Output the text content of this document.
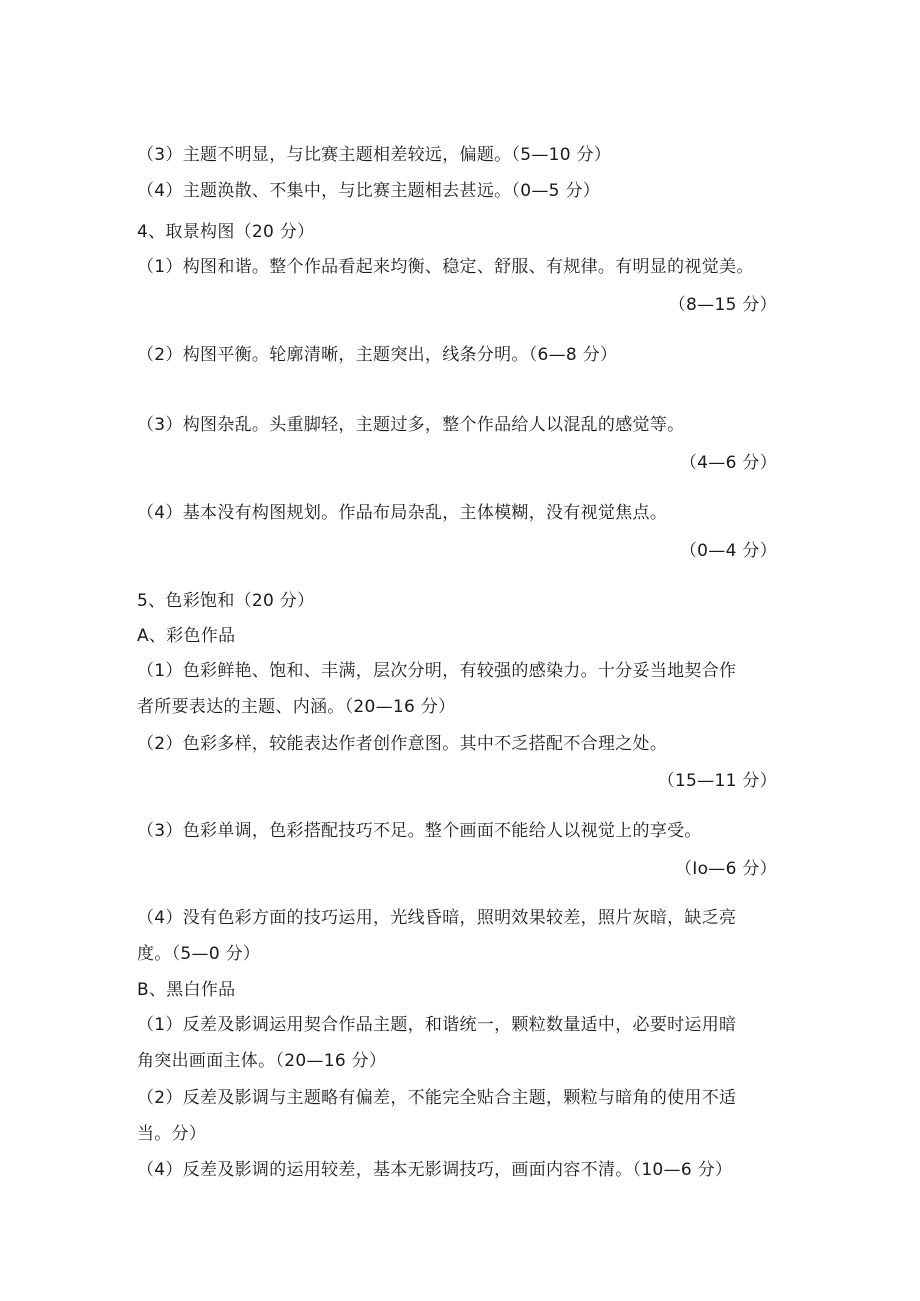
（3）主题不明显，与比赛主题相差较远，偏题。（5—10 分）
（4）主题涣散、不集中，与比赛主题相去甚远。（0—5 分）
4、取景构图（20 分）
（1）构图和谐。整个作品看起来均衡、稳定、舒服、有规律。有明显的视觉美。
（8—15 分）
（2）构图平衡。轮廓清晰，主题突出，线条分明。（6—8 分）
（3）构图杂乱。头重脚轻，主题过多，整个作品给人以混乱的感觉等。
（4—6 分）
（4）基本没有构图规划。作品布局杂乱，主体模糊，没有视觉焦点。
（0—4 分）
5、色彩饱和（20 分）
A、彩色作品
（1）色彩鲜艳、饱和、丰满，层次分明，有较强的感染力。十分妥当地契合作
者所要表达的主题、内涵。（20—16 分）
（2）色彩多样，较能表达作者创作意图。其中不乏搭配不合理之处。
（15—11 分）
（3）色彩单调，色彩搭配技巧不足。整个画面不能给人以视觉上的享受。
（Io—6 分）
（4）没有色彩方面的技巧运用，光线昏暗，照明效果较差，照片灰暗，缺乏亮
度。（5—0 分）
B、黑白作品
（1）反差及影调运用契合作品主题，和谐统一，颗粒数量适中，必要时运用暗
角突出画面主体。（20—16 分）
（2）反差及影调与主题略有偏差，不能完全贴合主题，颗粒与暗角的使用不适
当。分）
（4）反差及影调的运用较差，基本无影调技巧，画面内容不清。（10—6 分）
